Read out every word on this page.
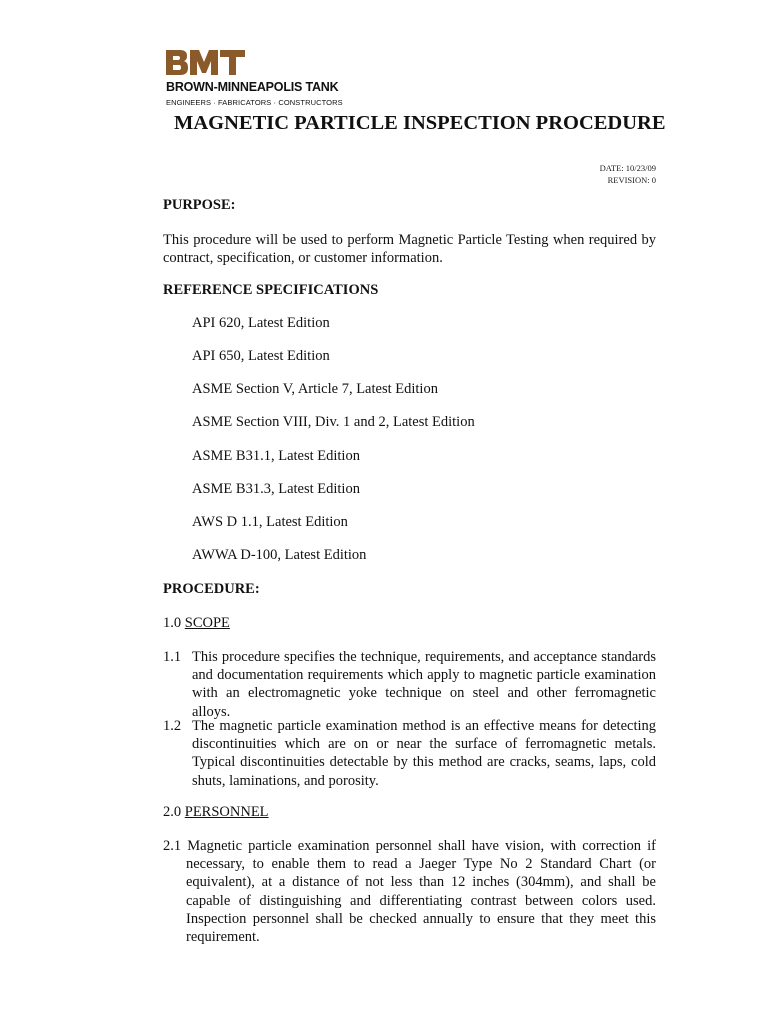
BROWN-MINNEAPOLIS TANK
ENGINEERS · FABRICATORS · CONSTRUCTORS
MAGNETIC PARTICLE INSPECTION PROCEDURE
DATE: 10/23/09
REVISION: 0
PURPOSE:
This procedure will be used to perform Magnetic Particle Testing when required by contract, specification, or customer information.
REFERENCE SPECIFICATIONS
API 620, Latest Edition
API 650, Latest Edition
ASME Section V, Article 7, Latest Edition
ASME Section VIII, Div. 1 and 2, Latest Edition
ASME B31.1, Latest Edition
ASME B31.3, Latest Edition
AWS D 1.1, Latest Edition
AWWA D-100, Latest Edition
PROCEDURE:
1.0 SCOPE
1.1 This procedure specifies the technique, requirements, and acceptance standards and documentation requirements which apply to magnetic particle examination with an electromagnetic yoke technique on steel and other ferromagnetic alloys.
1.2 The magnetic particle examination method is an effective means for detecting discontinuities which are on or near the surface of ferromagnetic metals. Typical discontinuities detectable by this method are cracks, seams, laps, cold shuts, laminations, and porosity.
2.0 PERSONNEL
2.1 Magnetic particle examination personnel shall have vision, with correction if necessary, to enable them to read a Jaeger Type No 2 Standard Chart (or equivalent), at a distance of not less than 12 inches (304mm), and shall be capable of distinguishing and differentiating contrast between colors used. Inspection personnel shall be checked annually to ensure that they meet this requirement.
